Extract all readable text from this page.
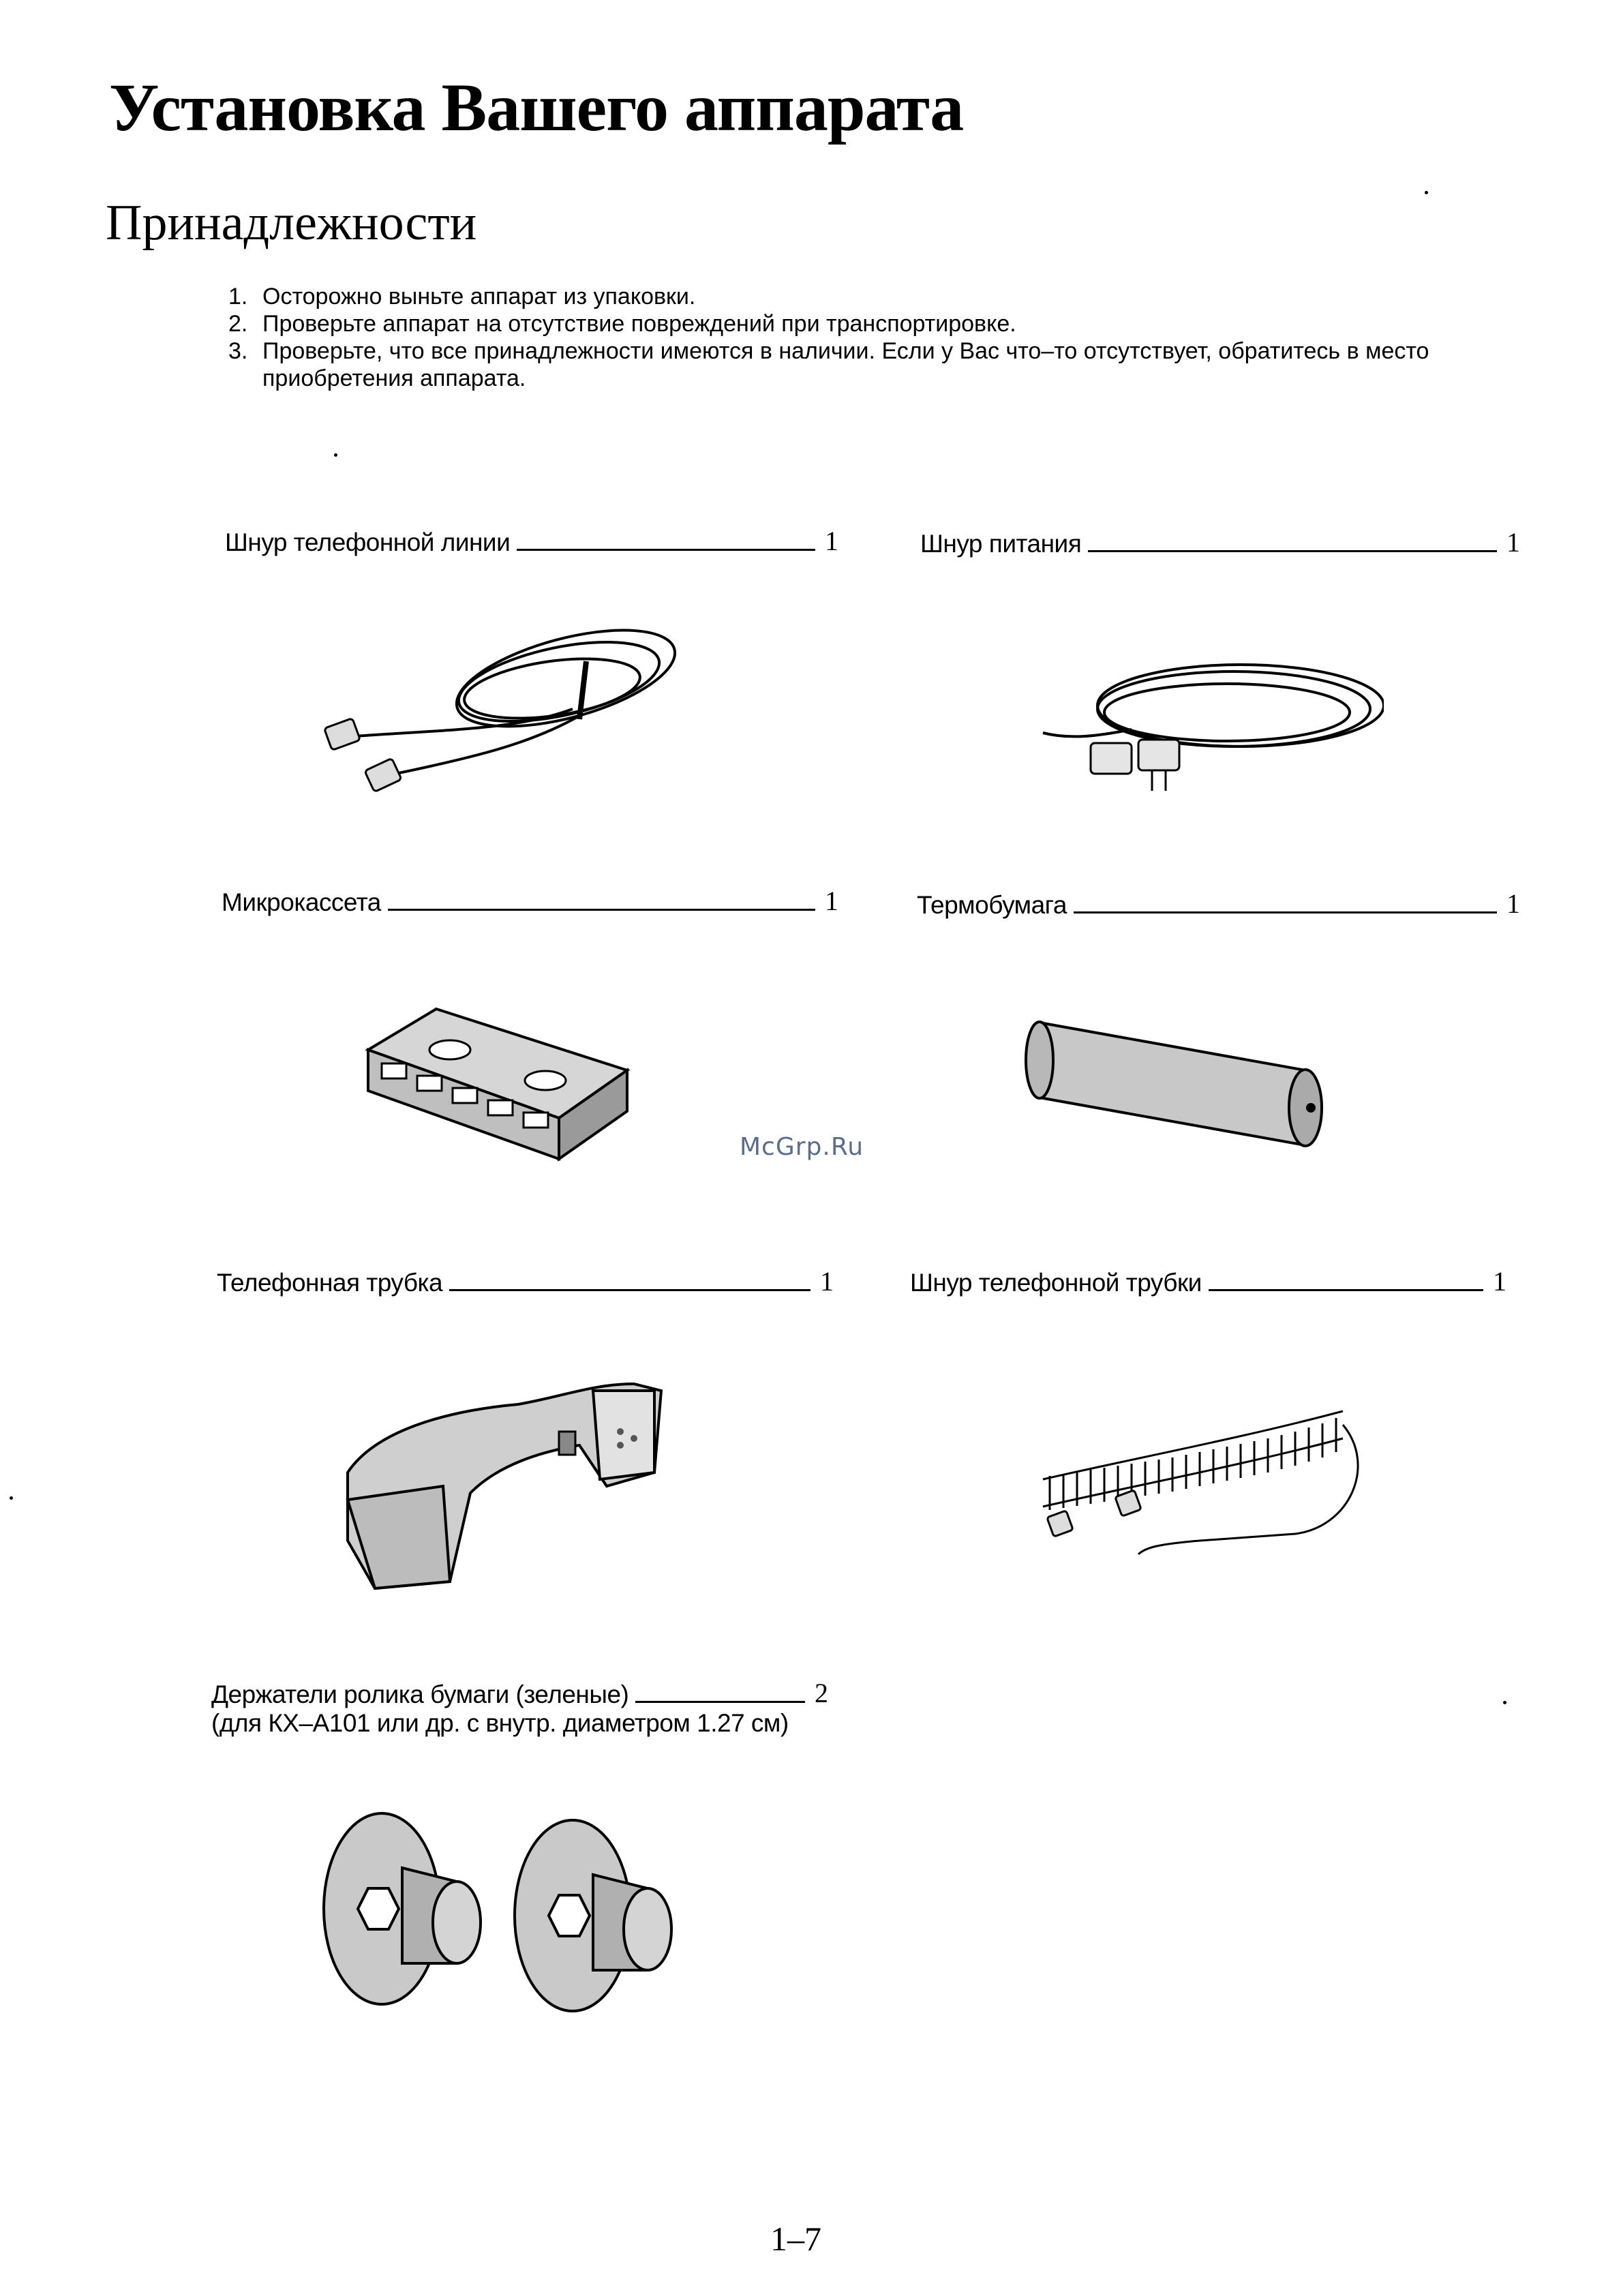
Установка Вашего аппарата
Принадлежности
1. Осторожно выньте аппарат из упаковки.
2. Проверьте аппарат на отсутствие повреждений при транспортировке.
3. Проверьте, что все принадлежности имеются в наличии. Если у Вас что–то отсутствует, обратитесь в место приобретения аппарата.
Шнур телефонной линии	1	Шнур питания	1
Микрокассета	1	Термобумага	1
Телефонная трубка	1	Шнур телефонной трубки	1
Держатели ролика бумаги (зеленые)	2
(для КХ–А101 или др. с внутр. диаметром 1.27 см)
McGrp.Ru
1–7
